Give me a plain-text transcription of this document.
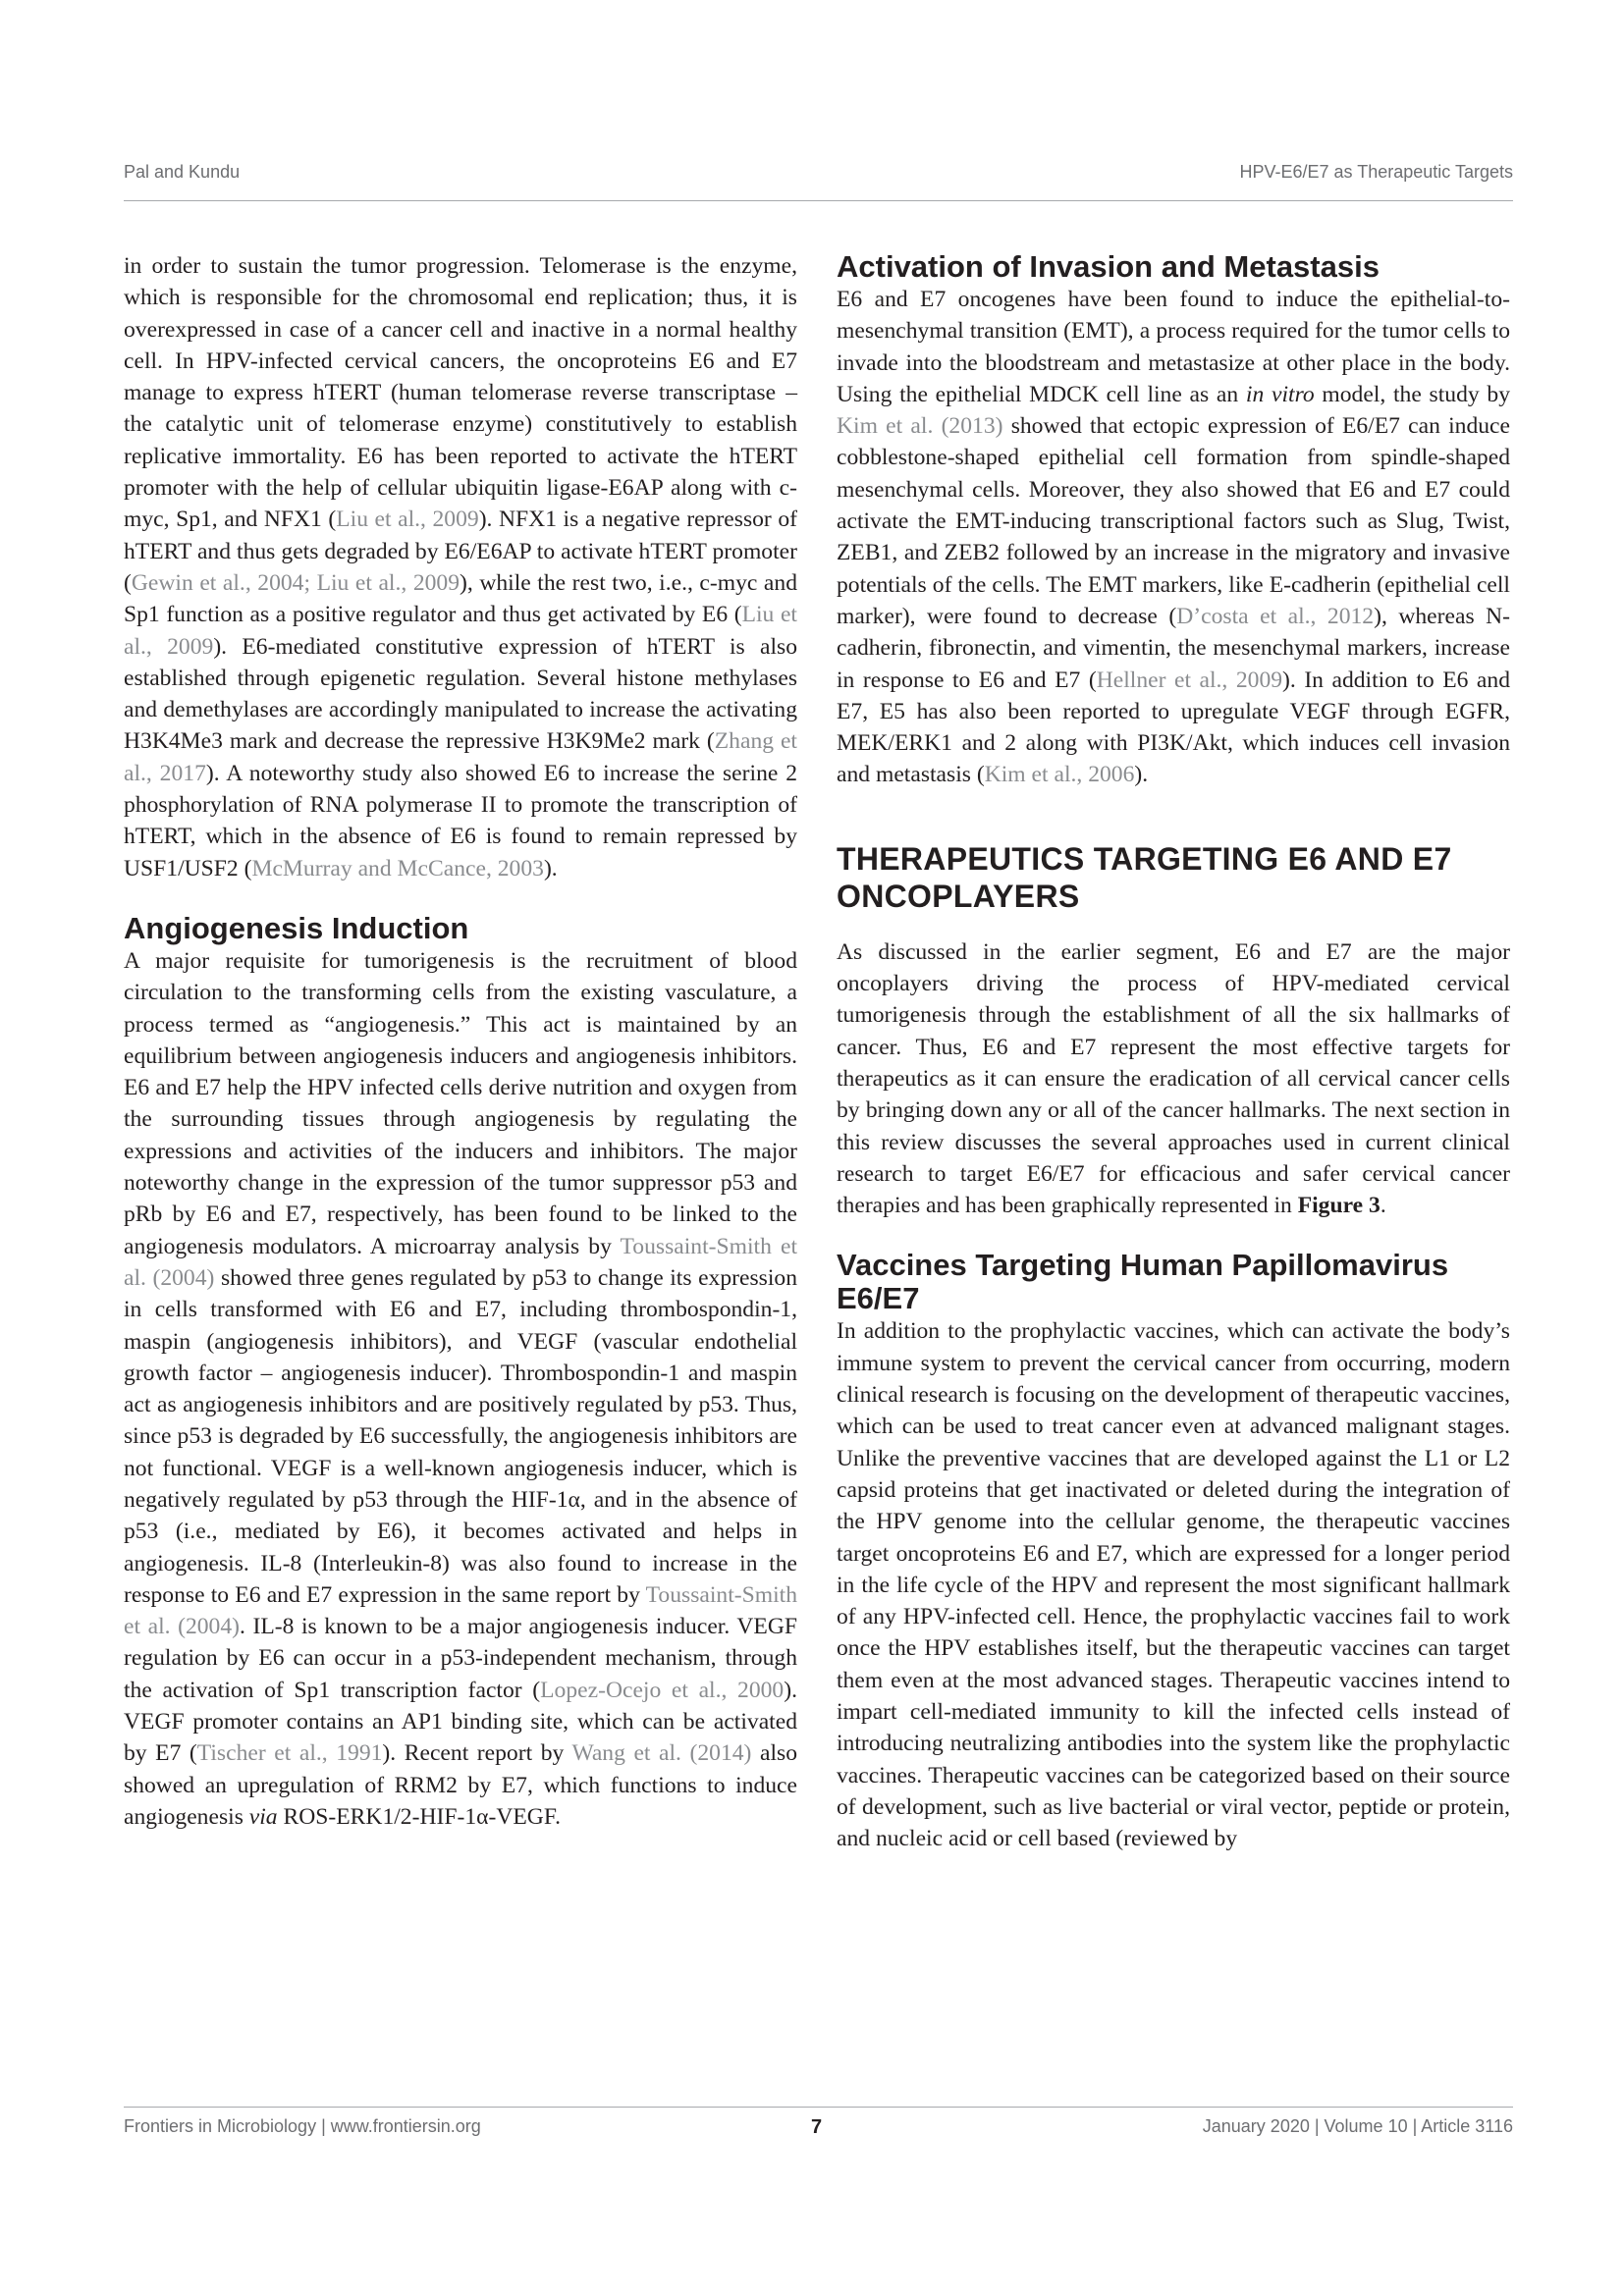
Pal and Kundu	HPV-E6/E7 as Therapeutic Targets

in order to sustain the tumor progression. Telomerase is the enzyme, which is responsible for the chromosomal end replication; thus, it is overexpressed in case of a cancer cell and inactive in a normal healthy cell. In HPV-infected cervical cancers, the oncoproteins E6 and E7 manage to express hTERT (human telomerase reverse transcriptase – the catalytic unit of telomerase enzyme) constitutively to establish replicative immortality. E6 has been reported to activate the hTERT promoter with the help of cellular ubiquitin ligase-E6AP along with c-myc, Sp1, and NFX1 (Liu et al., 2009). NFX1 is a negative repressor of hTERT and thus gets degraded by E6/E6AP to activate hTERT promoter (Gewin et al., 2004; Liu et al., 2009), while the rest two, i.e., c-myc and Sp1 function as a positive regulator and thus get activated by E6 (Liu et al., 2009). E6-mediated constitutive expression of hTERT is also established through epigenetic regulation. Several histone methylases and demethylases are accordingly manipulated to increase the activating H3K4Me3 mark and decrease the repressive H3K9Me2 mark (Zhang et al., 2017). A noteworthy study also showed E6 to increase the serine 2 phosphorylation of RNA polymerase II to promote the transcription of hTERT, which in the absence of E6 is found to remain repressed by USF1/USF2 (McMurray and McCance, 2003).

Angiogenesis Induction

A major requisite for tumorigenesis is the recruitment of blood circulation to the transforming cells from the existing vasculature, a process termed as “angiogenesis.” This act is maintained by an equilibrium between angiogenesis inducers and angiogenesis inhibitors. E6 and E7 help the HPV infected cells derive nutrition and oxygen from the surrounding tissues through angiogenesis by regulating the expressions and activities of the inducers and inhibitors. The major noteworthy change in the expression of the tumor suppressor p53 and pRb by E6 and E7, respectively, has been found to be linked to the angiogenesis modulators. A microarray analysis by Toussaint-Smith et al. (2004) showed three genes regulated by p53 to change its expression in cells transformed with E6 and E7, including thrombospondin-1, maspin (angiogenesis inhibitors), and VEGF (vascular endothelial growth factor – angiogenesis inducer). Thrombospondin-1 and maspin act as angiogenesis inhibitors and are positively regulated by p53. Thus, since p53 is degraded by E6 successfully, the angiogenesis inhibitors are not functional. VEGF is a well-known angiogenesis inducer, which is negatively regulated by p53 through the HIF-1α, and in the absence of p53 (i.e., mediated by E6), it becomes activated and helps in angiogenesis. IL-8 (Interleukin-8) was also found to increase in the response to E6 and E7 expression in the same report by Toussaint-Smith et al. (2004). IL-8 is known to be a major angiogenesis inducer. VEGF regulation by E6 can occur in a p53-independent mechanism, through the activation of Sp1 transcription factor (Lopez-Ocejo et al., 2000). VEGF promoter contains an AP1 binding site, which can be activated by E7 (Tischer et al., 1991). Recent report by Wang et al. (2014) also showed an upregulation of RRM2 by E7, which functions to induce angiogenesis via ROS-ERK1/2-HIF-1α-VEGF.

Activation of Invasion and Metastasis

E6 and E7 oncogenes have been found to induce the epithelial-to-mesenchymal transition (EMT), a process required for the tumor cells to invade into the bloodstream and metastasize at other place in the body. Using the epithelial MDCK cell line as an in vitro model, the study by Kim et al. (2013) showed that ectopic expression of E6/E7 can induce cobblestone-shaped epithelial cell formation from spindle-shaped mesenchymal cells. Moreover, they also showed that E6 and E7 could activate the EMT-inducing transcriptional factors such as Slug, Twist, ZEB1, and ZEB2 followed by an increase in the migratory and invasive potentials of the cells. The EMT markers, like E-cadherin (epithelial cell marker), were found to decrease (D’costa et al., 2012), whereas N-cadherin, fibronectin, and vimentin, the mesenchymal markers, increase in response to E6 and E7 (Hellner et al., 2009). In addition to E6 and E7, E5 has also been reported to upregulate VEGF through EGFR, MEK/ERK1 and 2 along with PI3K/Akt, which induces cell invasion and metastasis (Kim et al., 2006).

THERAPEUTICS TARGETING E6 AND E7
ONCOPLAYERS

As discussed in the earlier segment, E6 and E7 are the major oncoplayers driving the process of HPV-mediated cervical tumorigenesis through the establishment of all the six hallmarks of cancer. Thus, E6 and E7 represent the most effective targets for therapeutics as it can ensure the eradication of all cervical cancer cells by bringing down any or all of the cancer hallmarks. The next section in this review discusses the several approaches used in current clinical research to target E6/E7 for efficacious and safer cervical cancer therapies and has been graphically represented in Figure 3.

Vaccines Targeting Human Papillomavirus
E6/E7

In addition to the prophylactic vaccines, which can activate the body’s immune system to prevent the cervical cancer from occurring, modern clinical research is focusing on the development of therapeutic vaccines, which can be used to treat cancer even at advanced malignant stages. Unlike the preventive vaccines that are developed against the L1 or L2 capsid proteins that get inactivated or deleted during the integration of the HPV genome into the cellular genome, the therapeutic vaccines target oncoproteins E6 and E7, which are expressed for a longer period in the life cycle of the HPV and represent the most significant hallmark of any HPV-infected cell. Hence, the prophylactic vaccines fail to work once the HPV establishes itself, but the therapeutic vaccines can target them even at the most advanced stages. Therapeutic vaccines intend to impart cell-mediated immunity to kill the infected cells instead of introducing neutralizing antibodies into the system like the prophylactic vaccines. Therapeutic vaccines can be categorized based on their source of development, such as live bacterial or viral vector, peptide or protein, and nucleic acid or cell based (reviewed by

Frontiers in Microbiology | www.frontiersin.org	7	January 2020 | Volume 10 | Article 3116
